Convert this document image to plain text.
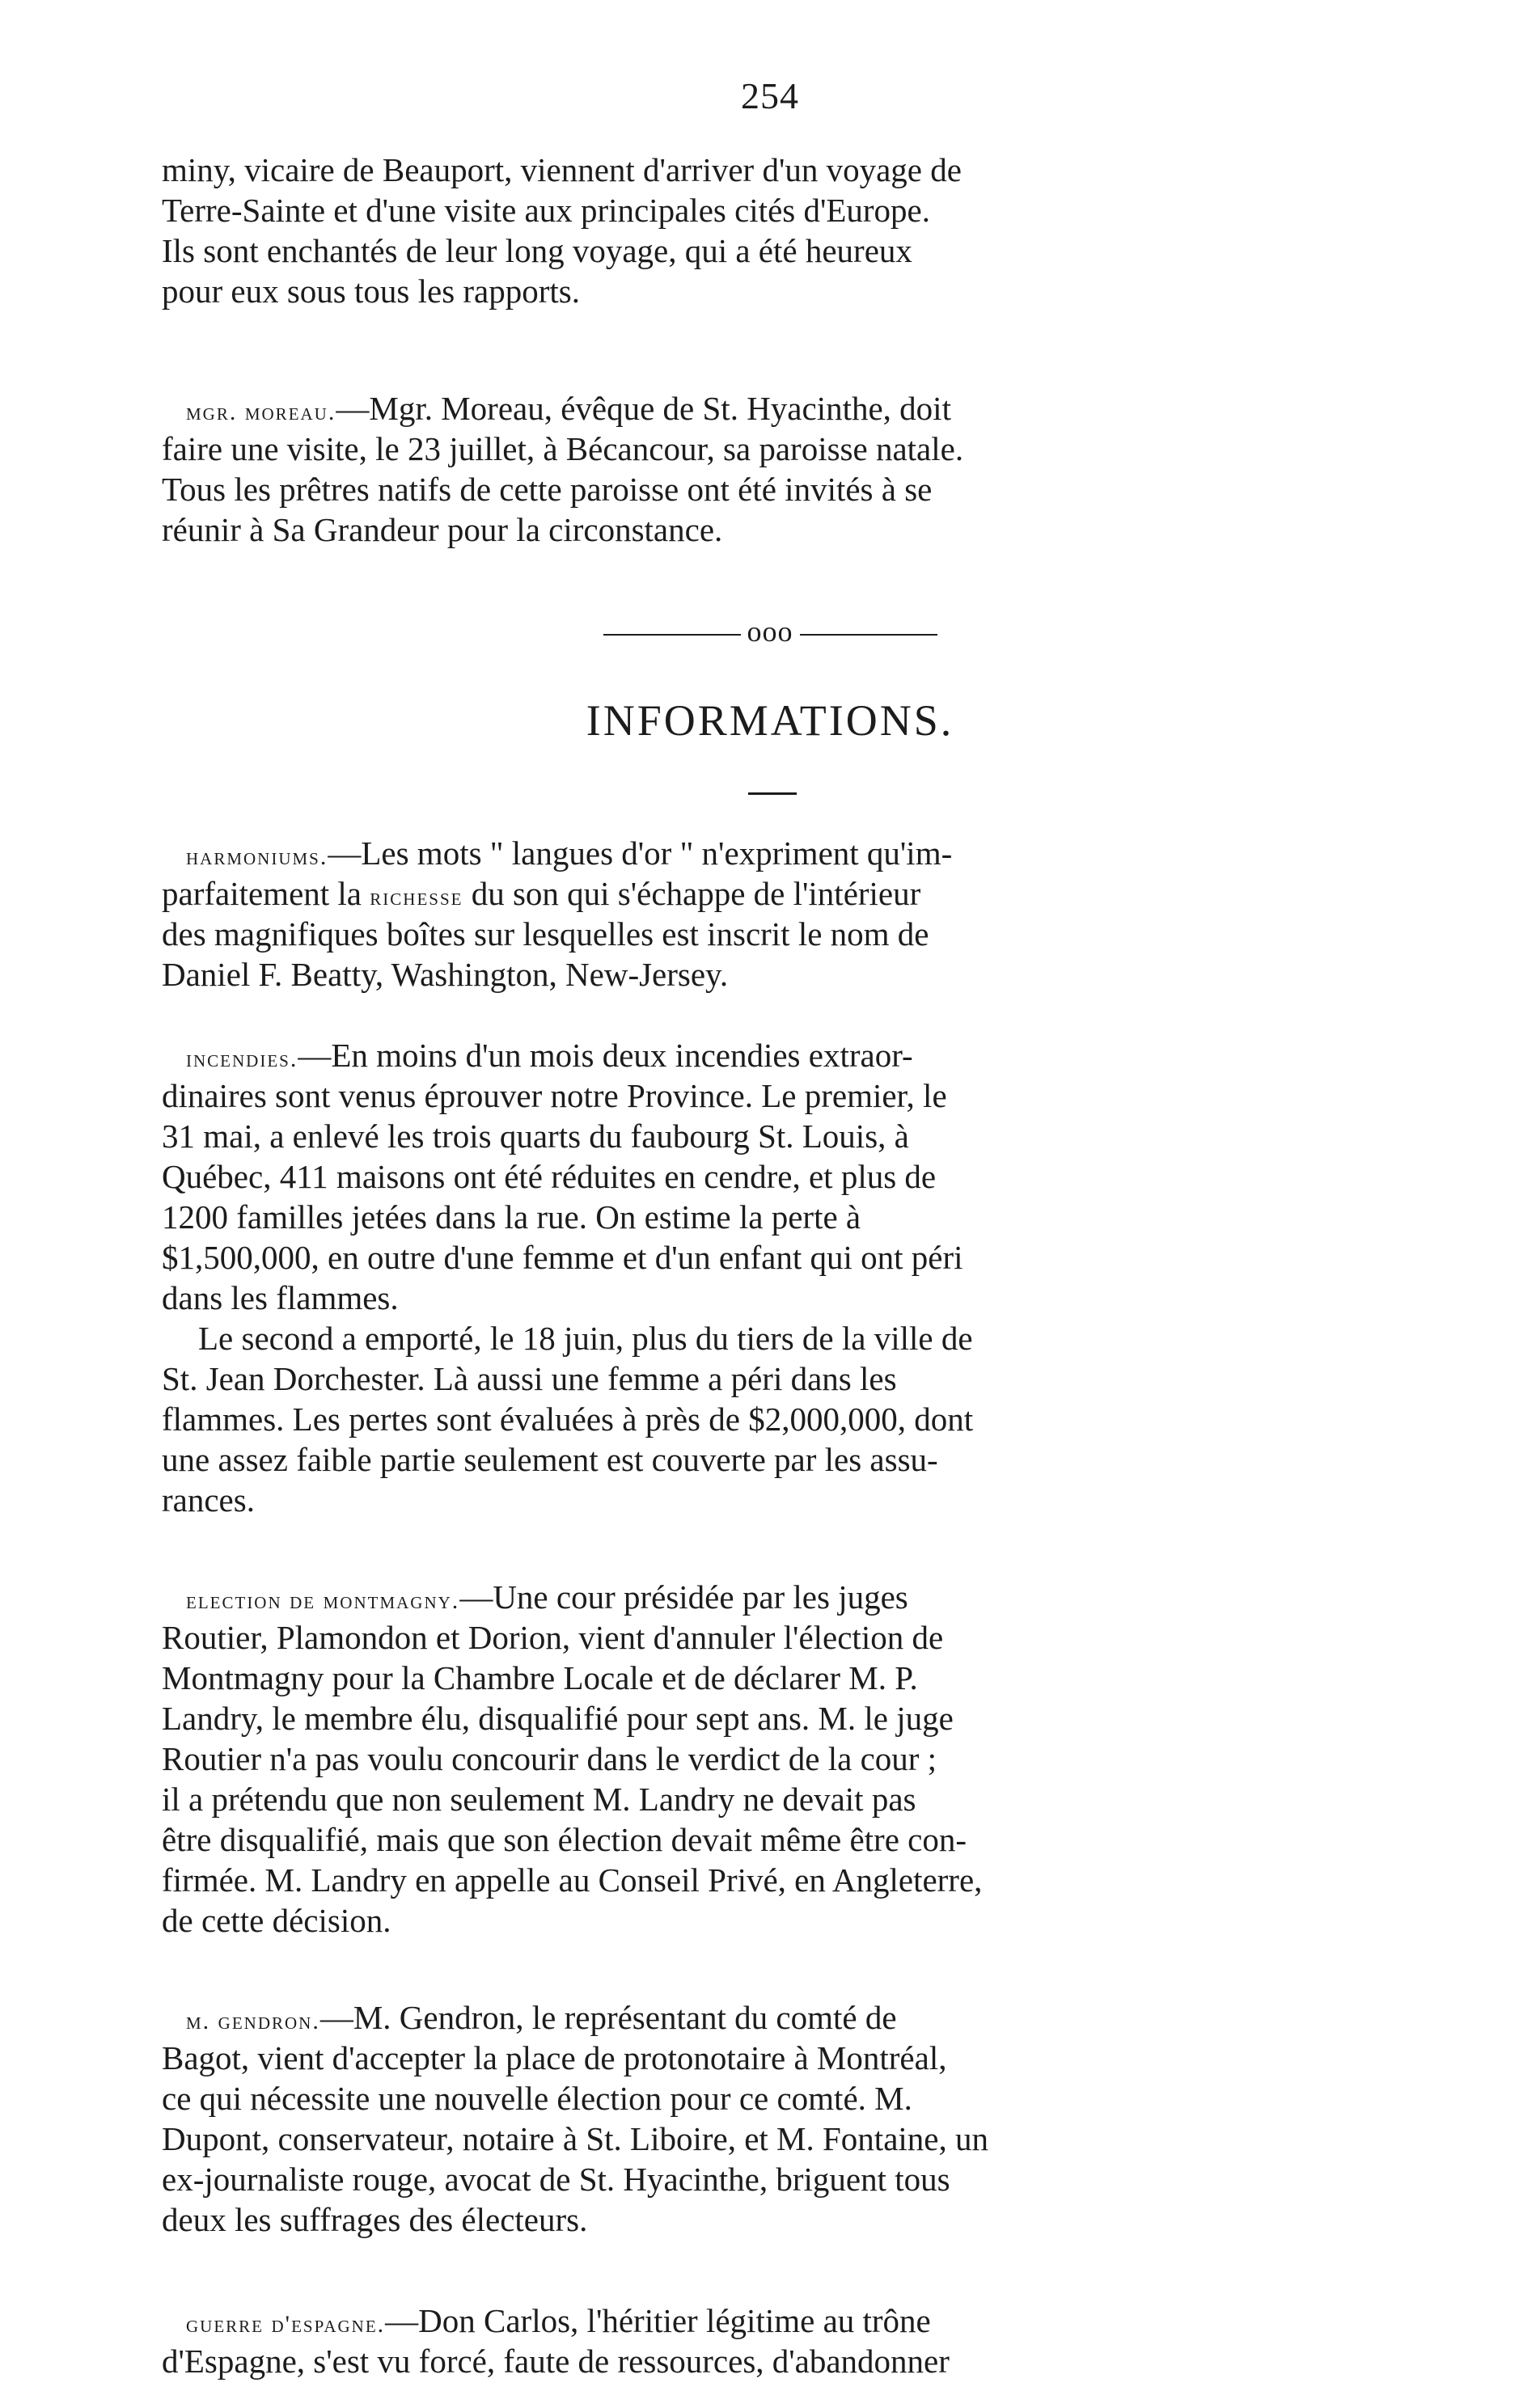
254
miny, vicaire de Beauport, viennent d'arriver d'un voyage de
Terre-Sainte et d'une visite aux principales cités d'Europe.
Ils sont enchantés de leur long voyage, qui a été heureux
pour eux sous tous les rapports.
mgr. moreau.—Mgr. Moreau, évêque de St. Hyacinthe, doit
faire une visite, le 23 juillet, à Bécancour, sa paroisse natale.
Tous les prêtres natifs de cette paroisse ont été invités à se
réunir à Sa Grandeur pour la circonstance.
ooo
INFORMATIONS.
harmoniums.—Les mots " langues d'or " n'expriment qu'im-
parfaitement la richesse du son qui s'échappe de l'intérieur
des magnifiques boîtes sur lesquelles est inscrit le nom de
Daniel F. Beatty, Washington, New-Jersey.
incendies.—En moins d'un mois deux incendies extraor-
dinaires sont venus éprouver notre Province. Le premier, le
31 mai, a enlevé les trois quarts du faubourg St. Louis, à
Québec, 411 maisons ont été réduites en cendre, et plus de
1200 familles jetées dans la rue. On estime la perte à
$1,500,000, en outre d'une femme et d'un enfant qui ont péri
dans les flammes.
Le second a emporté, le 18 juin, plus du tiers de la ville de
St. Jean Dorchester. Là aussi une femme a péri dans les
flammes. Les pertes sont évaluées à près de $2,000,000, dont
une assez faible partie seulement est couverte par les assu-
rances.
election de montmagny.—Une cour présidée par les juges
Routier, Plamondon et Dorion, vient d'annuler l'élection de
Montmagny pour la Chambre Locale et de déclarer M. P.
Landry, le membre élu, disqualifié pour sept ans. M. le juge
Routier n'a pas voulu concourir dans le verdict de la cour ;
il a prétendu que non seulement M. Landry ne devait pas
être disqualifié, mais que son élection devait même être con-
firmée. M. Landry en appelle au Conseil Privé, en Angleterre,
de cette décision.
m. gendron.—M. Gendron, le représentant du comté de
Bagot, vient d'accepter la place de protonotaire à Montréal,
ce qui nécessite une nouvelle élection pour ce comté. M.
Dupont, conservateur, notaire à St. Liboire, et M. Fontaine, un
ex-journaliste rouge, avocat de St. Hyacinthe, briguent tous
deux les suffrages des électeurs.
guerre d'espagne.—Don Carlos, l'héritier légitime au trône
d'Espagne, s'est vu forcé, faute de ressources, d'abandonner
